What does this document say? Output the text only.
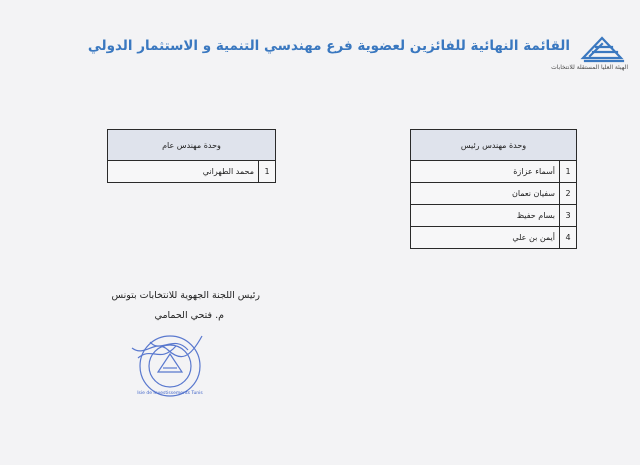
الهيئة العليا المستقلة للانتخابات
القائمة النهائية للفائزين لعضوية فرع مهندسي التنمية و الاستثمار الدولي
وحدة مهندس رئيس	
1	أسماء عزازة
2	سفيان نعمان
3	بسام حفيظ
4	أيمن بن علي
وحدة مهندس عام
1	محمد الطهراني
رئيس اللجنة الجهوية للانتخابات بتونس
م. فتحي الحمامي
Isie de Investissements Tunis
